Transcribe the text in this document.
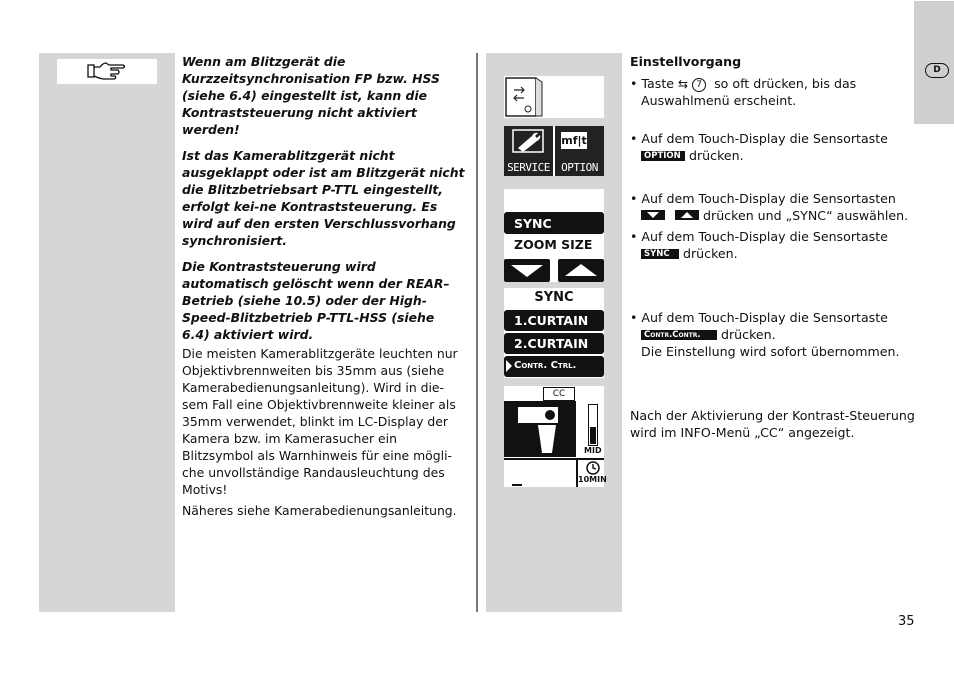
Wenn am Blitzgerät die Kurzzeitsynchronisation FP bzw. HSS (siehe 6.4) eingestellt ist, kann die Kontraststeuerung nicht aktiviert werden!

Ist das Kamerablitzgerät nicht ausgeklappt oder ist am Blitzgerät nicht die Blitzbetriebsart P-TTL eingestellt, erfolgt kei-ne Kontraststeuerung. Es wird auf den ersten Verschlussvorhang synchronisiert.

Die Kontraststeuerung wird automatisch gelöscht wenn der REAR–Betrieb (siehe 10.5) oder der High-Speed-Blitzbetrieb P-TTL-HSS (siehe 6.4) aktiviert wird.

Die meisten Kamerablitzgeräte leuchten nur Objektivbrennweiten bis 35mm aus (siehe Kamerabedienungsanleitung). Wird in die-sem Fall eine Objektivbrennweite kleiner als 35mm verwendet, blinkt im LC-Display der Kamera bzw. im Kamerasucher ein Blitzsymbol als Warnhinweis für eine mögli-che unvollständige Randausleuchtung des Motivs!

Näheres siehe Kamerabedienungsanleitung.

SERVICE
mf|t
OPTION
SYNC
ZOOM SIZE
SYNC
1.CURTAIN
2.CURTAIN
Contr. Ctrl.
CC
MID
10MIN
Einstellvorgang
• Taste ⇆ 7 so oft drücken, bis das
Auswahlmenü erscheint.
• Auf dem Touch-Display die Sensortaste
OPTION drücken.
• Auf dem Touch-Display die Sensortasten

drücken und „SYNC“ auswählen.
• Auf dem Touch-Display die Sensortaste
SYNC drücken.
• Auf dem Touch-Display die Sensortaste
Contr.Contr. drücken.
Die Einstellung wird sofort übernommen.
Nach der Aktivierung der Kontrast-Steuerung
wird im INFO-Menü „CC“ angezeigt.
D
35
